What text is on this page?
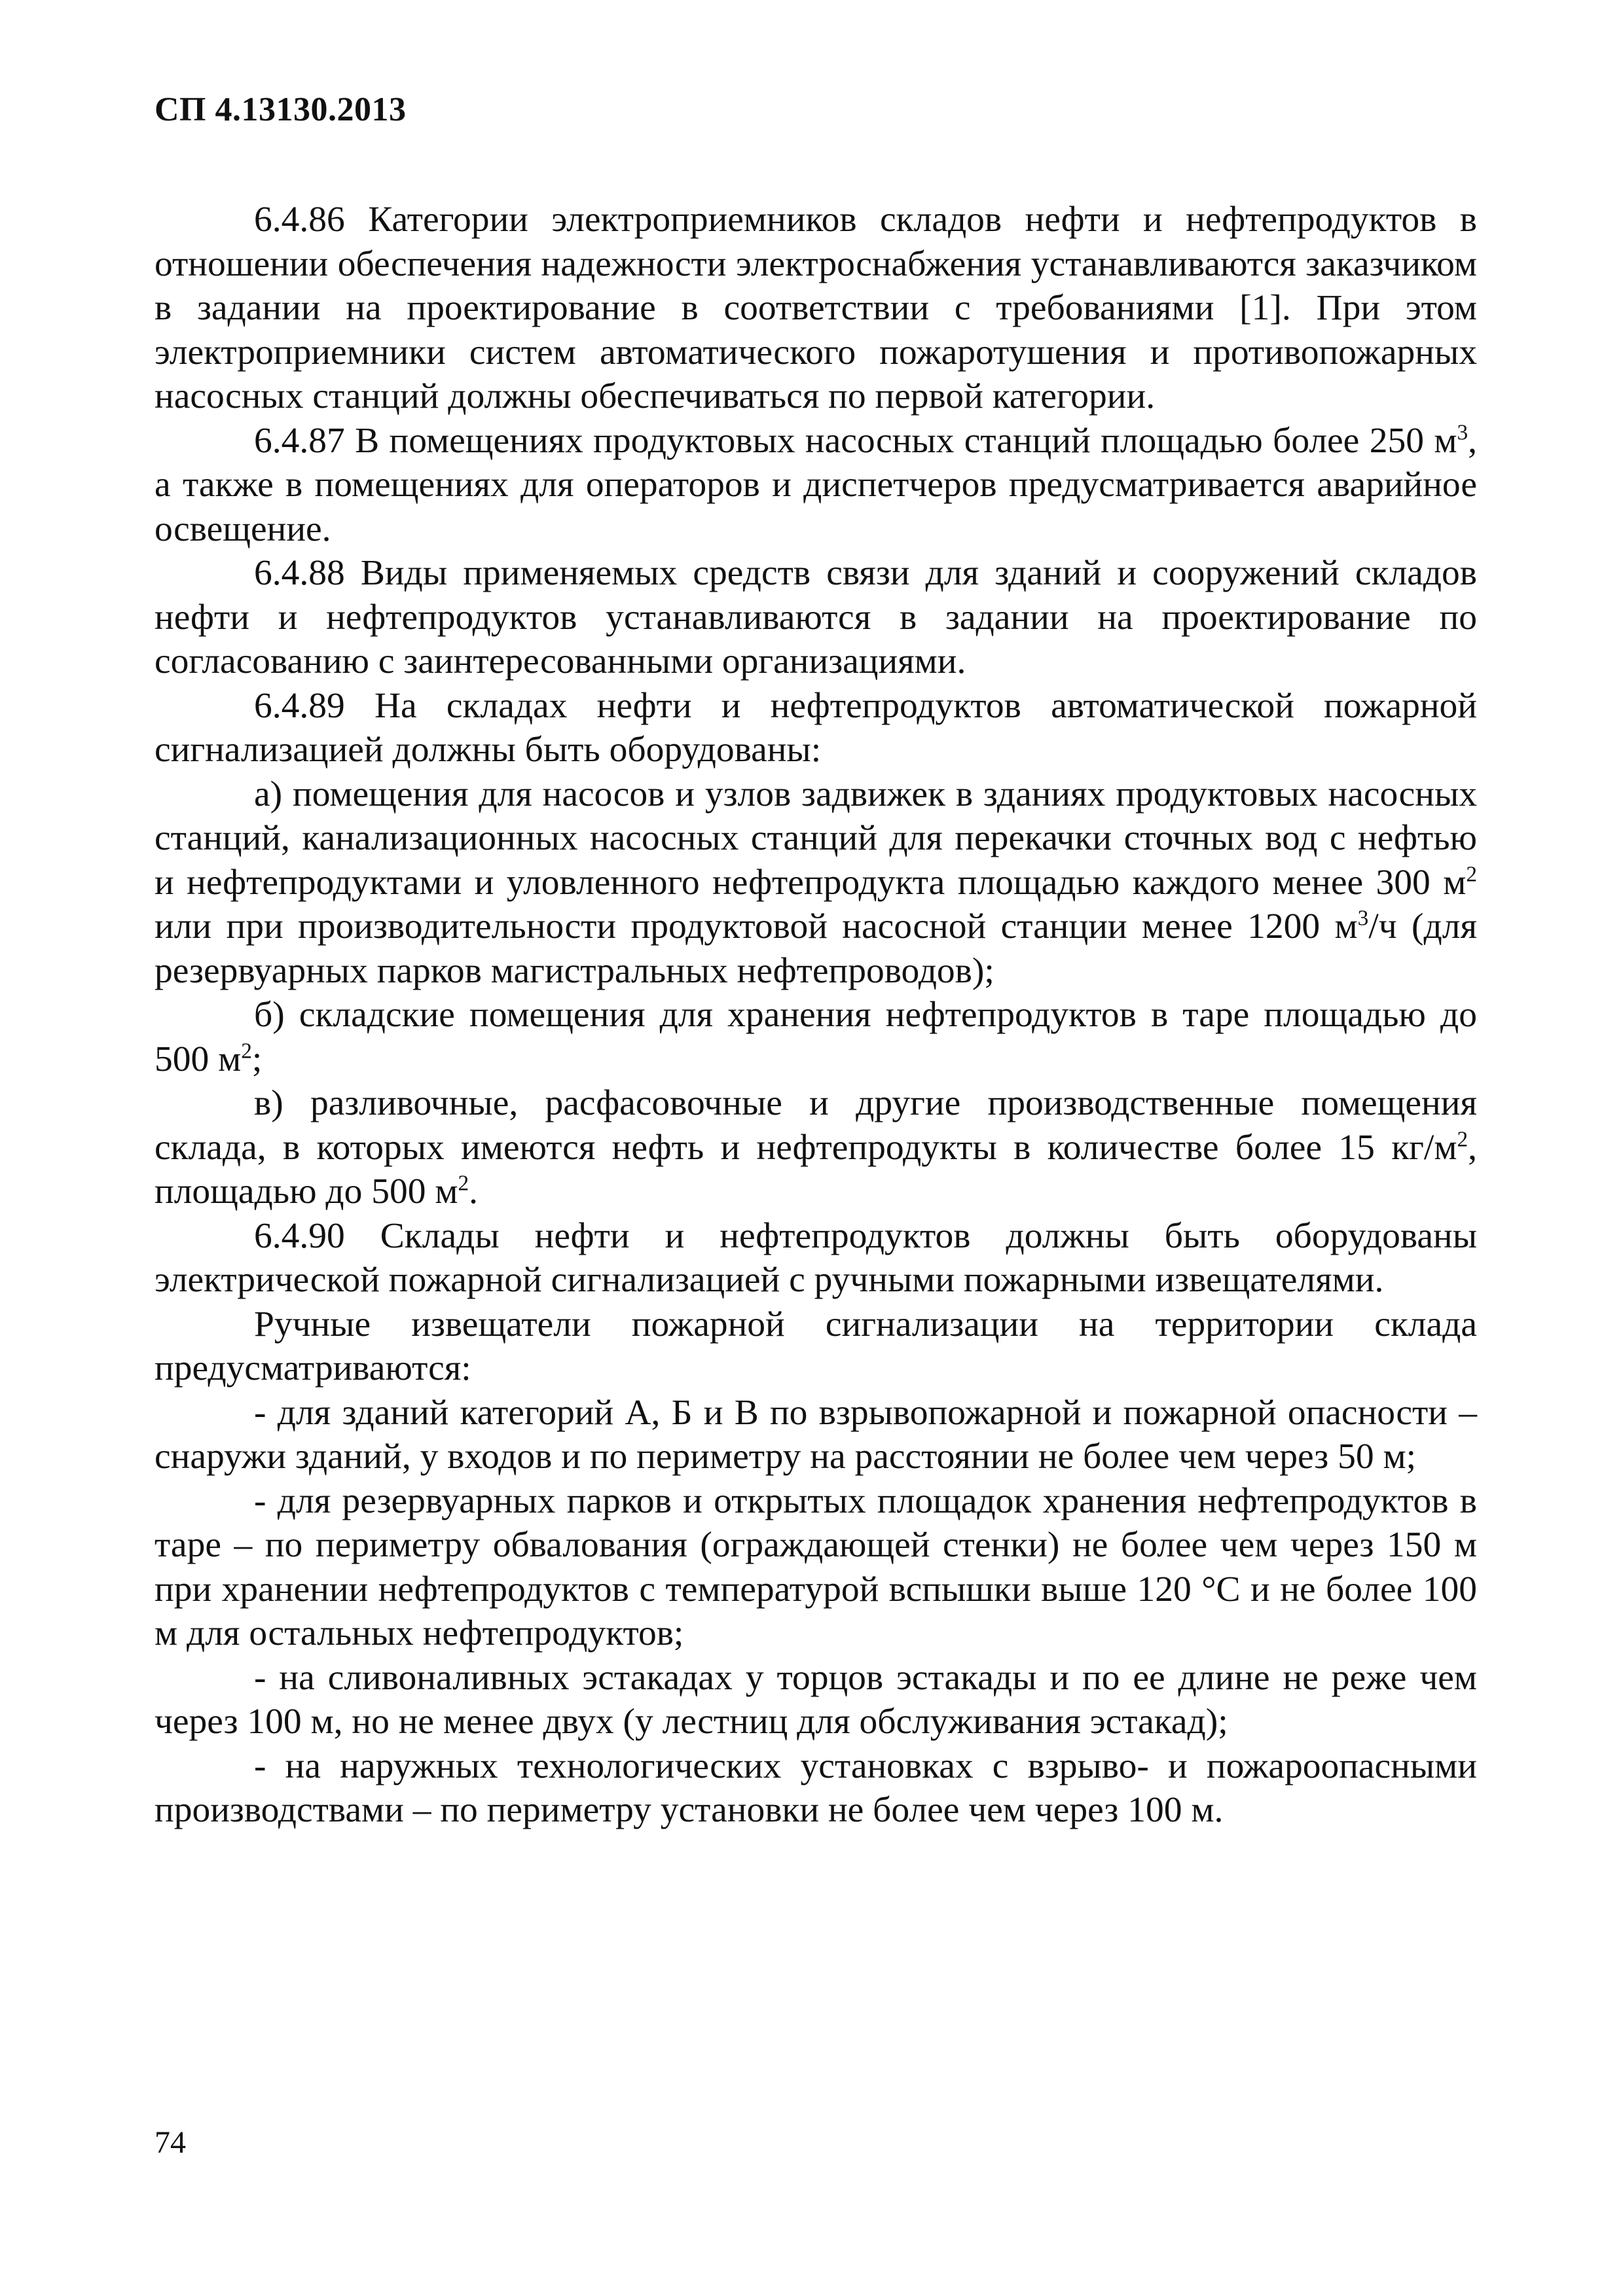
СП 4.13130.2013

6.4.86 Категории электроприемников складов нефти и нефтепродуктов в отношении обеспечения надежности электроснабжения устанавливаются заказчиком в задании на проектирование в соответствии с требованиями [1]. При этом электроприемники систем автоматического пожаротушения и противопожарных насосных станций должны обеспечиваться по первой категории.

6.4.87 В помещениях продуктовых насосных станций площадью более 250 $м^3$, а также в помещениях для операторов и диспетчеров предусматривается аварийное освещение.

6.4.88 Виды применяемых средств связи для зданий и сооружений складов нефти и нефтепродуктов устанавливаются в задании на проектирование по согласованию с заинтересованными организациями.

6.4.89 На складах нефти и нефтепродуктов автоматической пожарной сигнализацией должны быть оборудованы:

а) помещения для насосов и узлов задвижек в зданиях продуктовых насосных станций, канализационных насосных станций для перекачки сточных вод с нефтью и нефтепродуктами и уловленного нефтепродукта площадью каждого менее 300 $м^2$ или при производительности продуктовой насосной станции менее 1200 $м^3/ч$ (для резервуарных парков магистральных нефтепроводов);

б) складские помещения для хранения нефтепродуктов в таре площадью до 500 $м^2$;

в) разливочные, расфасовочные и другие производственные помещения склада, в которых имеются нефть и нефтепродукты в количестве более 15 $кг/м^2$, площадью до 500 $м^2$.

6.4.90 Склады нефти и нефтепродуктов должны быть оборудованы электрической пожарной сигнализацией с ручными пожарными извещателями.

Ручные извещатели пожарной сигнализации на территории склада предусматриваются:

- для зданий категорий А, Б и В по взрывопожарной и пожарной опасности – снаружи зданий, у входов и по периметру на расстоянии не более чем через 50 м;

- для резервуарных парков и открытых площадок хранения нефтепродуктов в таре – по периметру обвалования (ограждающей стенки) не более чем через 150 м при хранении нефтепродуктов с температурой вспышки выше 120 °С и не более 100 м для остальных нефтепродуктов;

- на сливоналивных эстакадах у торцов эстакады и по ее длине не реже чем через 100 м, но не менее двух (у лестниц для обслуживания эстакад);

- на наружных технологических установках с взрыво- и пожароопасными производствами – по периметру установки не более чем через 100 м.

74
